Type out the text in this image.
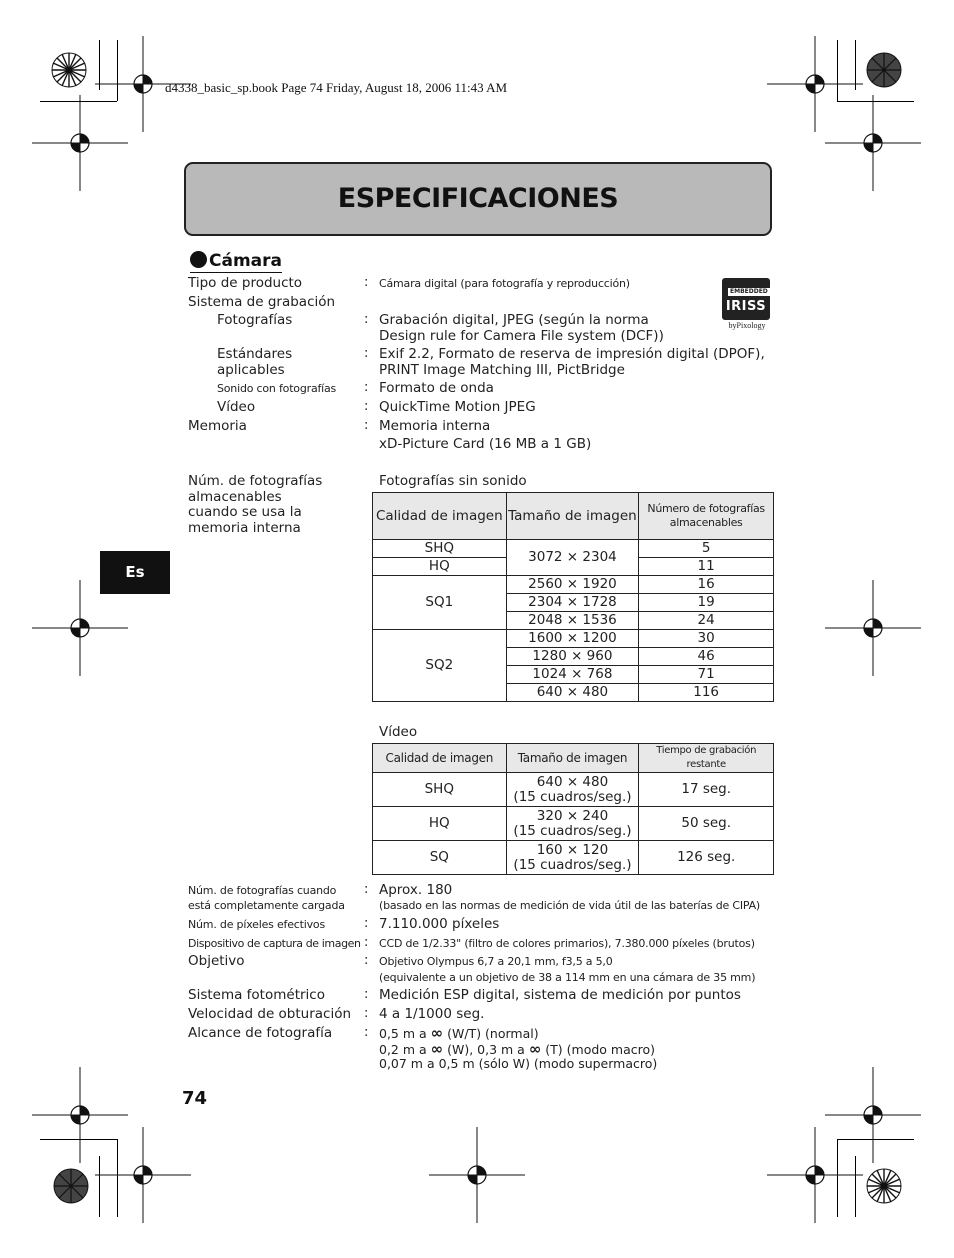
d4338_basic_sp.book Page 74 Friday, August 18, 2006 11:43 AM
ESPECIFICACIONES
Cámara
EMBEDDED
IRISS
byPixology
Tipo de producto	: Cámara digital (para fotografía y reproducción)
Sistema de grabación
Fotografías	: Grabación digital, JPEG (según la norma
Design rule for Camera File system (DCF))
Estándares
aplicables
: Exif 2.2, Formato de reserva de impresión digital (DPOF),
PRINT Image Matching III, PictBridge
Sonido con fotografías : Formato de onda
Vídeo	: QuickTime Motion JPEG
Memoria	: Memoria interna
xD-Picture Card (16 MB a 1 GB)
Núm. de fotografías
almacenables
cuando se usa la
memoria interna
Fotografías sin sonido
Calidad de imagen	Tamaño de imagen	Número de fotografías almacenables
SHQ	3072 × 2304	5
HQ		11
SQ1	2560 × 1920	16
	2304 × 1728	19
	2048 × 1536	24
SQ2	1600 × 1200	30
	1280 × 960	46
	1024 × 768	71
	640 × 480	116
Vídeo
Calidad de imagen	Tamaño de imagen	Tiempo de grabación restante
SHQ	640 × 480
(15 cuadros/seg.)	17 seg.
HQ	320 × 240
(15 cuadros/seg.)	50 seg.
SQ	160 × 120
(15 cuadros/seg.)	126 seg.
Núm. de fotografías cuando
está completamente cargada
: Aprox. 180
(basado en las normas de medición de vida útil de las baterías de CIPA)
Núm. de píxeles efectivos	: 7.110.000 píxeles
Dispositivo de captura de imagen : CCD de 1/2.33" (filtro de colores primarios), 7.380.000 píxeles (brutos)
Objetivo	: Objetivo Olympus 6,7 a 20,1 mm, f3,5 a 5,0
(equivalente a un objetivo de 38 a 114 mm en una cámara de 35 mm)
Sistema fotométrico	: Medición ESP digital, sistema de medición por puntos
Velocidad de obturación : 4 a 1/1000 seg.
Alcance de fotografía : 0,5 m a ∞ (W/T) (normal)
0,2 m a ∞ (W), 0,3 m a ∞ (T) (modo macro)
0,07 m a 0,5 m (sólo W) (modo supermacro)
Es
74
